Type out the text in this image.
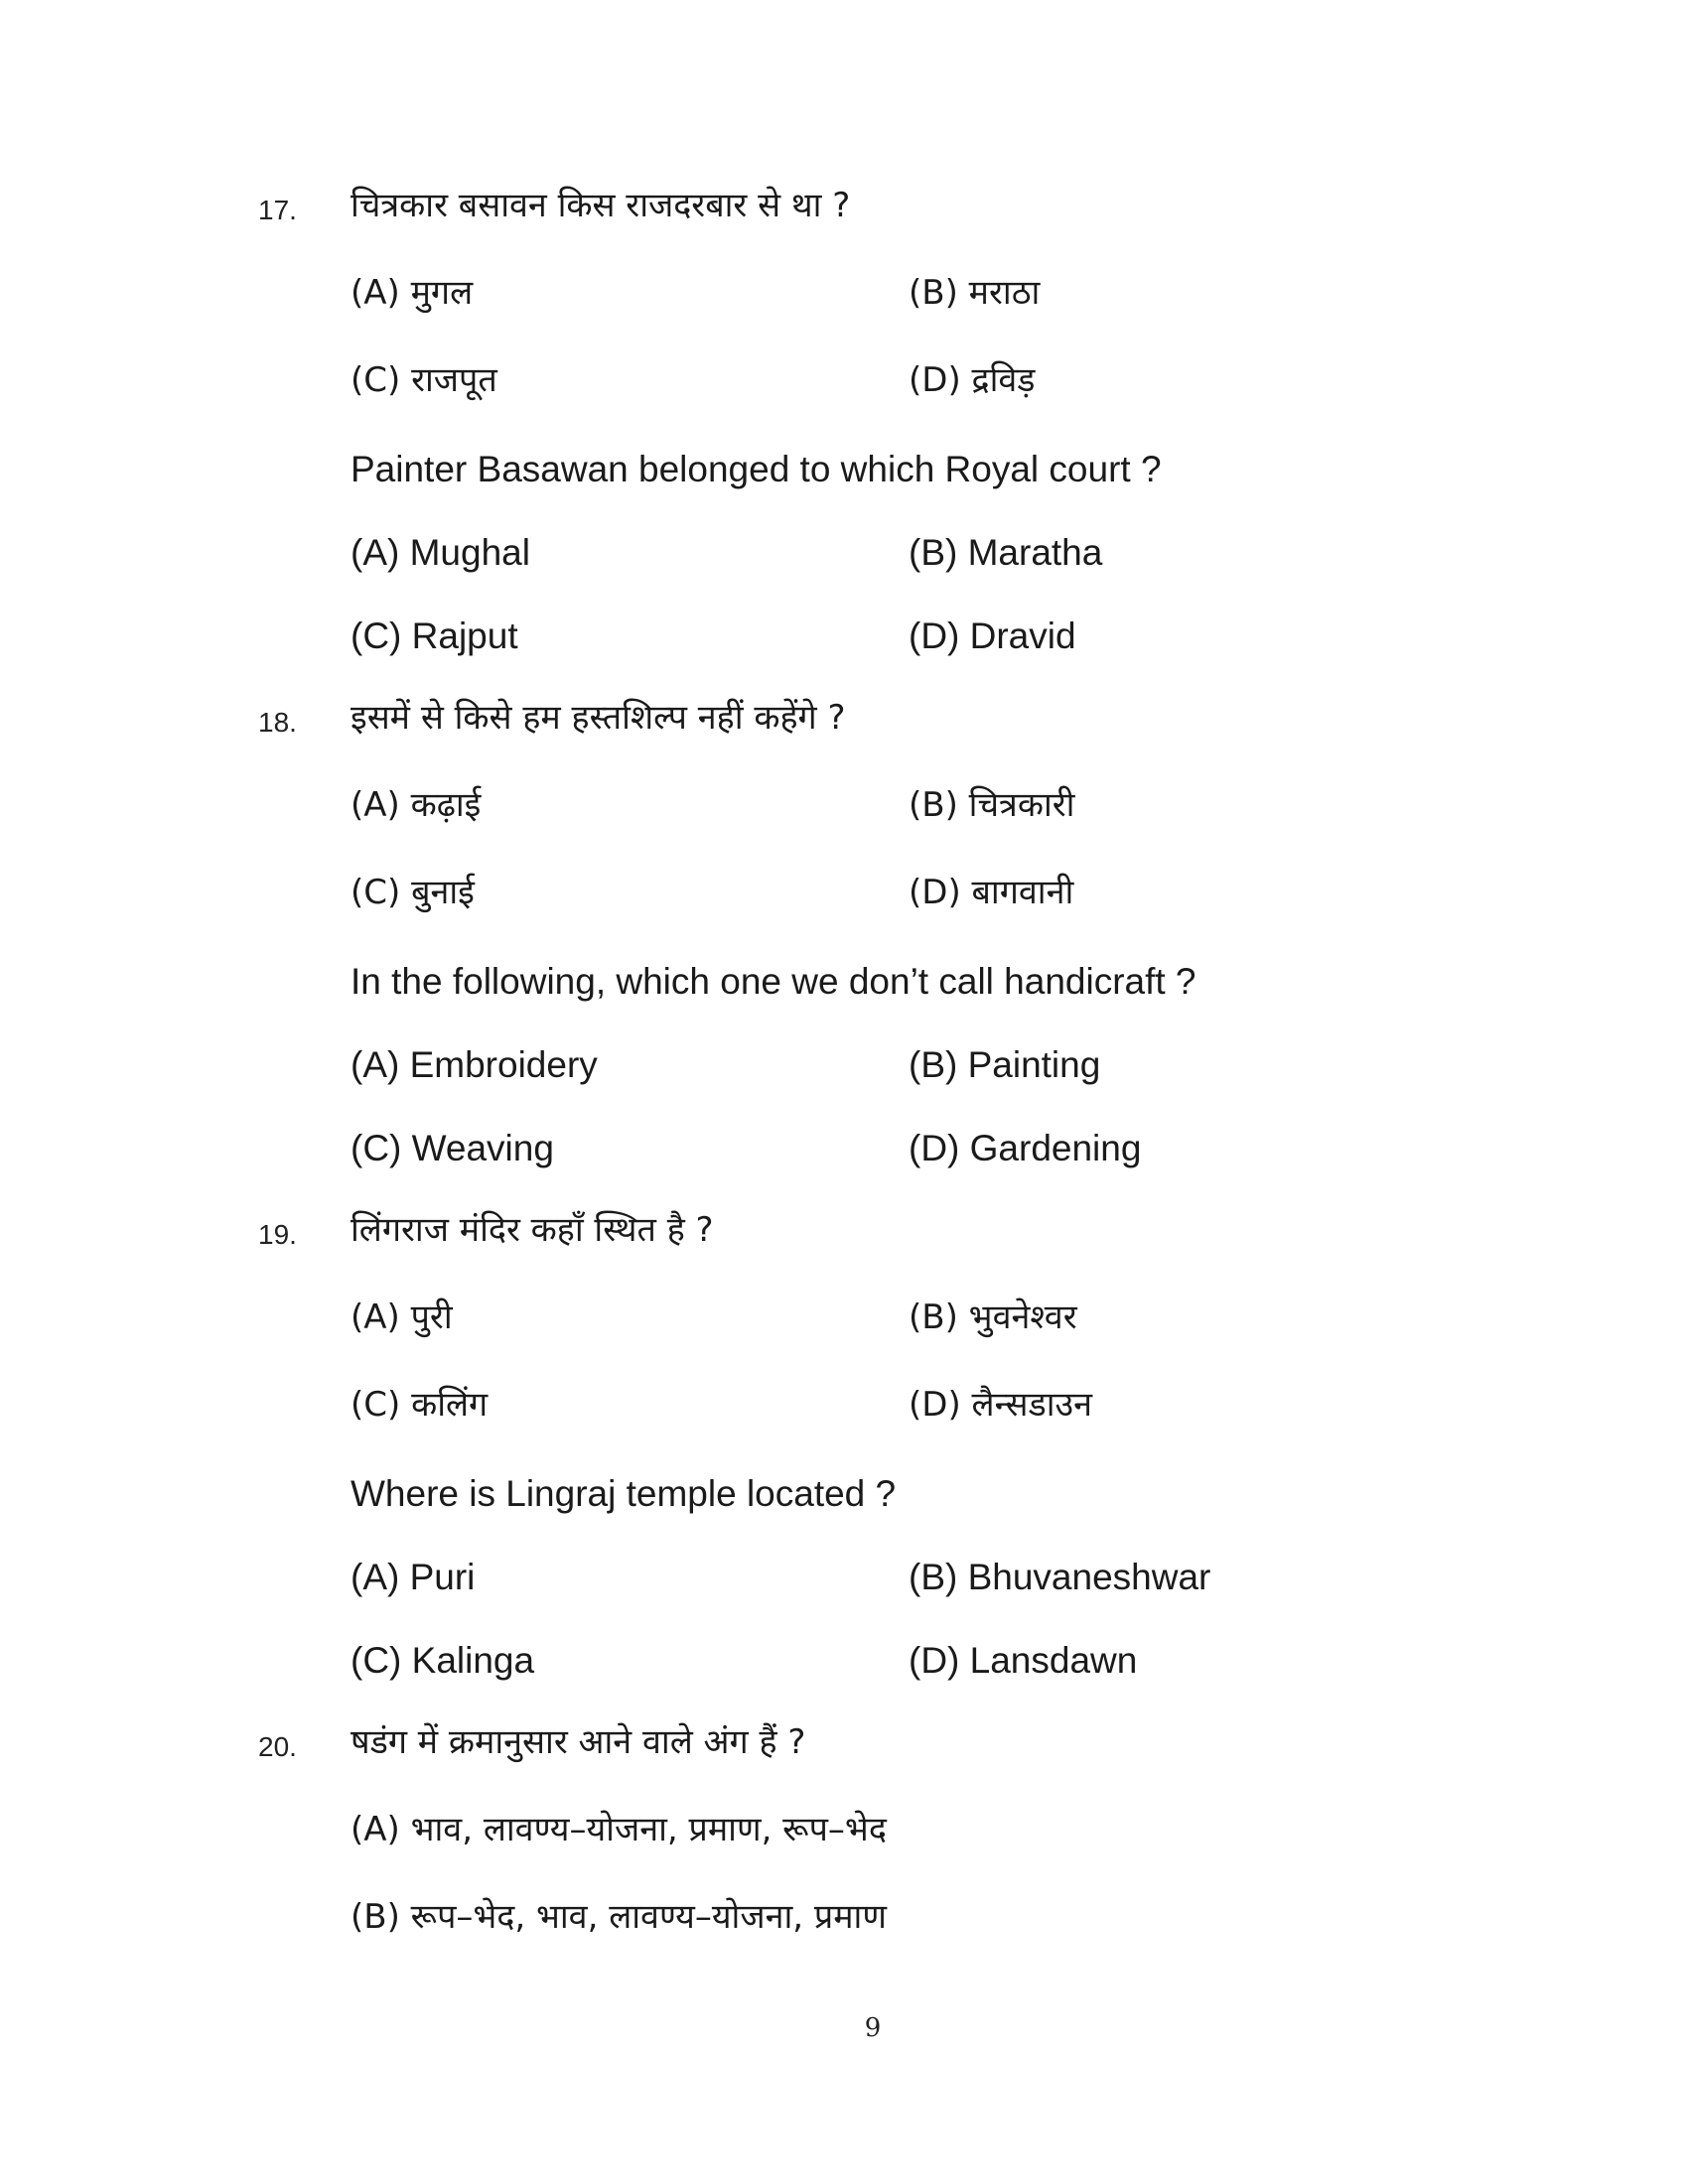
17. चित्रकार बसावन किस राजदरबार से था ?
(A) मुगल	(B) मराठा
(C) राजपूत	(D) द्रविड़
Painter Basawan belonged to which Royal court ?
(A) Mughal	(B) Maratha
(C) Rajput	(D) Dravid
18. इसमें से किसे हम हस्तशिल्प नहीं कहेंगे ?
(A) कढ़ाई	(B) चित्रकारी
(C) बुनाई	(D) बागवानी
In the following, which one we don’t call handicraft ?
(A) Embroidery	(B) Painting
(C) Weaving	(D) Gardening
19. लिंगराज मंदिर कहाँ स्थित है ?
(A) पुरी	(B) भुवनेश्वर
(C) कलिंग	(D) लैन्सडाउन
Where is Lingraj temple located ?
(A) Puri	(B) Bhuvaneshwar
(C) Kalinga	(D) Lansdawn
20. षडंग में क्रमानुसार आने वाले अंग हैं ?
(A) भाव, लावण्य–योजना, प्रमाण, रूप–भेद
(B) रूप–भेद, भाव, लावण्य–योजना, प्रमाण
9
